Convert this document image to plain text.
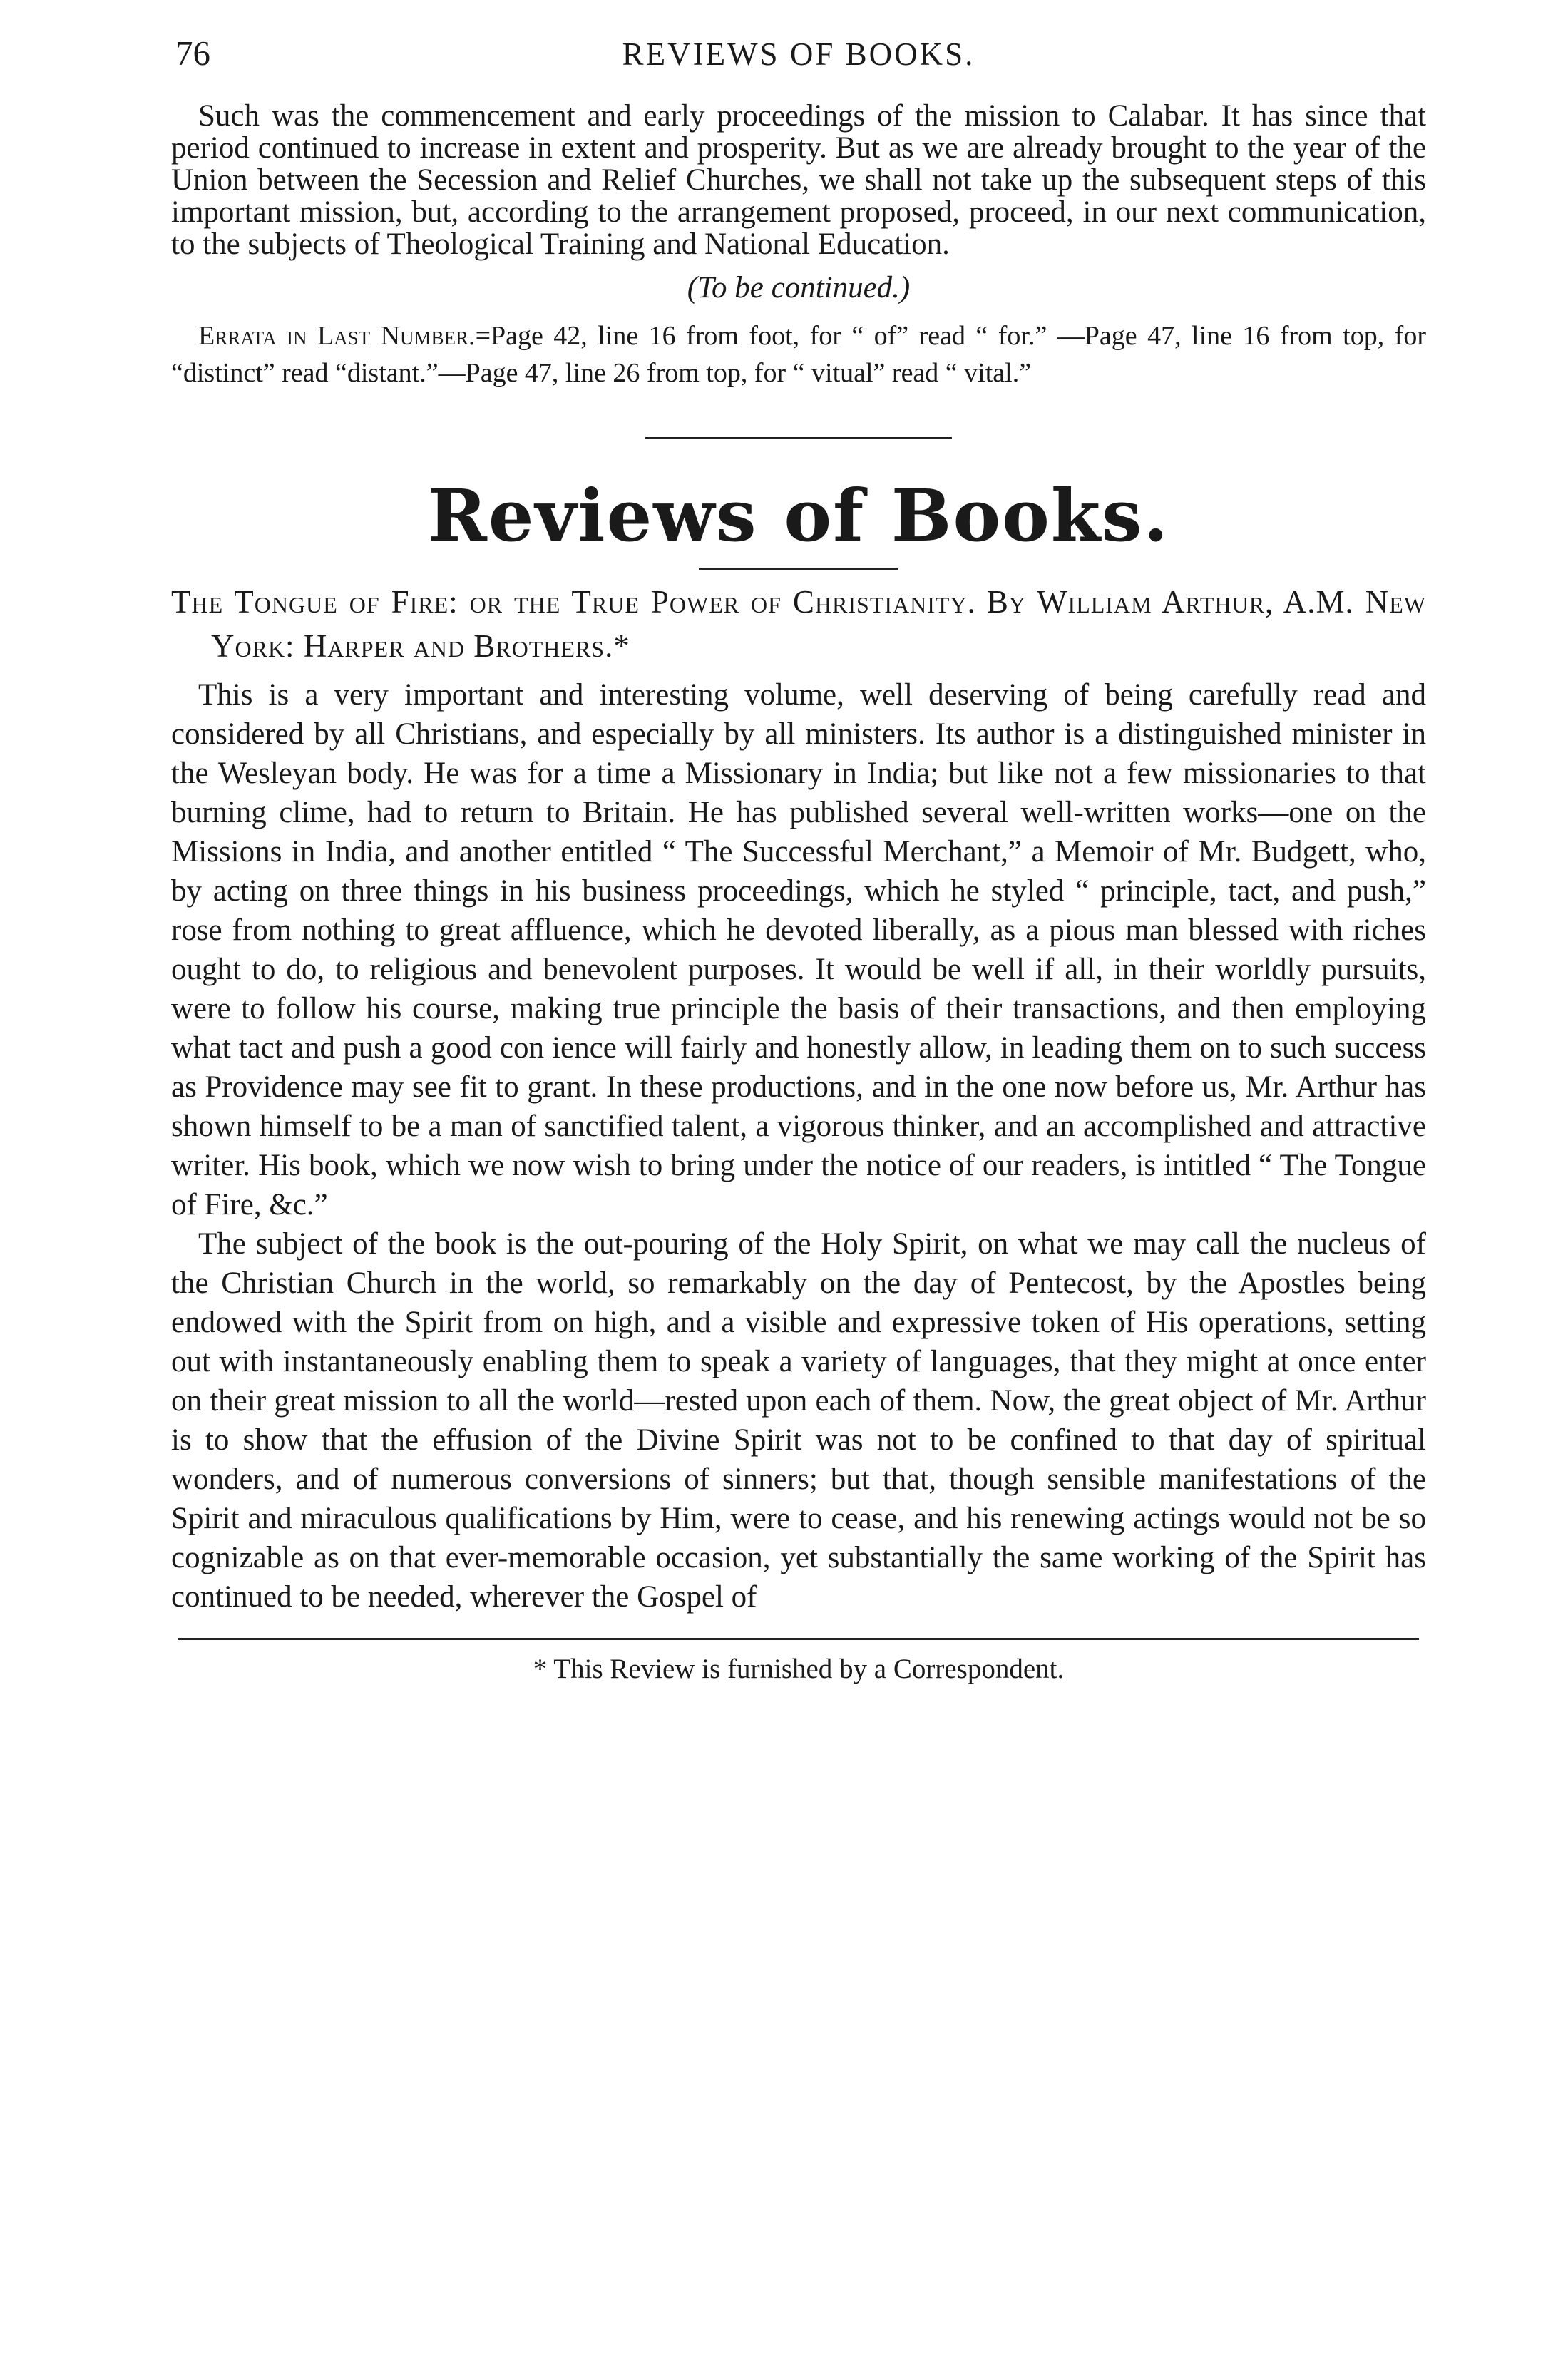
76	REVIEWS OF BOOKS.

Such was the commencement and early proceedings of the mission to Calabar. It has since that period continued to increase in extent and prosperity. But as we are already brought to the year of the Union between the Secession and Relief Churches, we shall not take up the subsequent steps of this important mission, but, according to the arrangement proposed, proceed, in our next communication, to the subjects of Theological Training and National Education.

(To be continued.)

Errata in Last Number.=Page 42, line 16 from foot, for “ of” read “ for.” —Page 47, line 16 from top, for “distinct” read “distant.”—Page 47, line 26 from top, for “ vitual” read “ vital.”

Reviews of Books.

The Tongue of Fire: or the True Power of Christianity. By William Arthur, A.M. New York: Harper and Brothers.*

This is a very important and interesting volume, well deserving of being carefully read and considered by all Christians, and especially by all ministers. Its author is a distinguished minister in the Wesleyan body. He was for a time a Missionary in India; but like not a few missionaries to that burning clime, had to return to Britain. He has published several well-written works—one on the Missions in India, and another entitled “ The Successful Merchant,” a Memoir of Mr. Budgett, who, by acting on three things in his business proceedings, which he styled “ principle, tact, and push,” rose from nothing to great affluence, which he devoted liberally, as a pious man blessed with riches ought to do, to religious and benevolent purposes. It would be well if all, in their worldly pursuits, were to follow his course, making true principle the basis of their transactions, and then employing what tact and push a good con ience will fairly and honestly allow, in leading them on to such success as Providence may see fit to grant. In these productions, and in the one now before us, Mr. Arthur has shown himself to be a man of sanctified talent, a vigorous thinker, and an accomplished and attractive writer. His book, which we now wish to bring under the notice of our readers, is intitled “ The Tongue of Fire, &c.”

The subject of the book is the out-pouring of the Holy Spirit, on what we may call the nucleus of the Christian Church in the world, so remarkably on the day of Pentecost, by the Apostles being endowed with the Spirit from on high, and a visible and expressive token of His operations, setting out with instantaneously enabling them to speak a variety of languages, that they might at once enter on their great mission to all the world—rested upon each of them. Now, the great object of Mr. Arthur is to show that the effusion of the Divine Spirit was not to be confined to that day of spiritual wonders, and of numerous conversions of sinners; but that, though sensible manifestations of the Spirit and miraculous qualifications by Him, were to cease, and his renewing actings would not be so cognizable as on that ever-memorable occasion, yet substantially the same working of the Spirit has continued to be needed, wherever the Gospel of

* This Review is furnished by a Correspondent.
